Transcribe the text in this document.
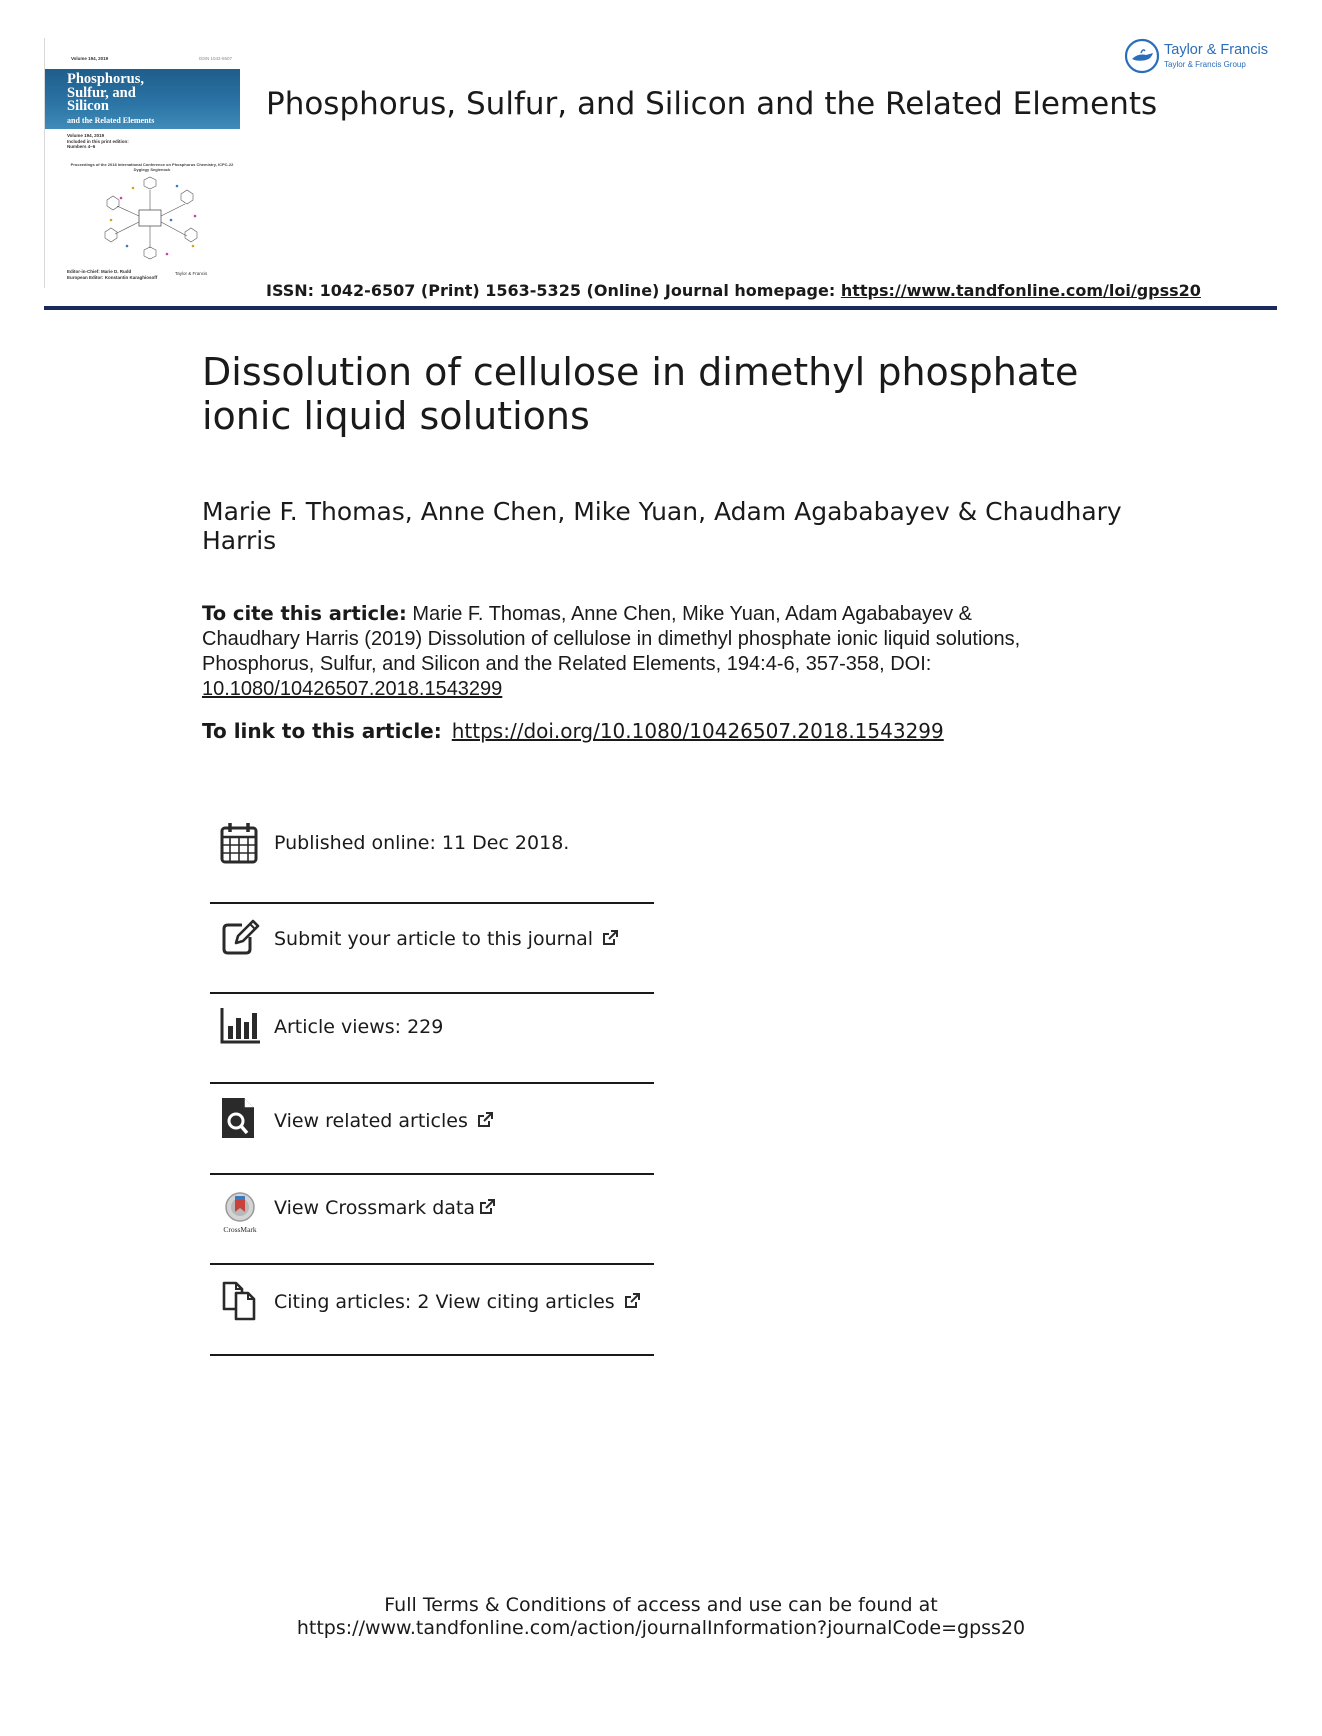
Volume 194, 2019	ISSN 1042-6507
Phosphorus,
Sulfur, and
Silicon
and the Related Elements
Volume 194, 2019
Included in this print edition:
Numbers 4–6
Proceedings of the 2018 International Conference on Phosphorus Chemistry, ICPC-22
Dyglegy Seglenock
Editor-in-Chief: Marie D. Rudd
European Editor: Konstantin Karaghiosoff
Taylor & Francis
Phosphorus, Sulfur, and Silicon and the Related Elements
Taylor & Francis
Taylor & Francis Group
ISSN: 1042-6507 (Print) 1563-5325 (Online) Journal homepage: https://www.tandfonline.com/loi/gpss20
Dissolution of cellulose in dimethyl phosphate
ionic liquid solutions
Marie F. Thomas, Anne Chen, Mike Yuan, Adam Agababayev & Chaudhary
Harris
To cite this article: Marie F. Thomas, Anne Chen, Mike Yuan, Adam Agababayev &
Chaudhary Harris (2019) Dissolution of cellulose in dimethyl phosphate ionic liquid solutions,
Phosphorus, Sulfur, and Silicon and the Related Elements, 194:4-6, 357-358, DOI:
10.1080/10426507.2018.1543299
To link to this article: https://doi.org/10.1080/10426507.2018.1543299
Published online: 11 Dec 2018.
Submit your article to this journal
Article views: 229
View related articles
CrossMark
View Crossmark data
Citing articles: 2 View citing articles
Full Terms & Conditions of access and use can be found at
https://www.tandfonline.com/action/journalInformation?journalCode=gpss20
